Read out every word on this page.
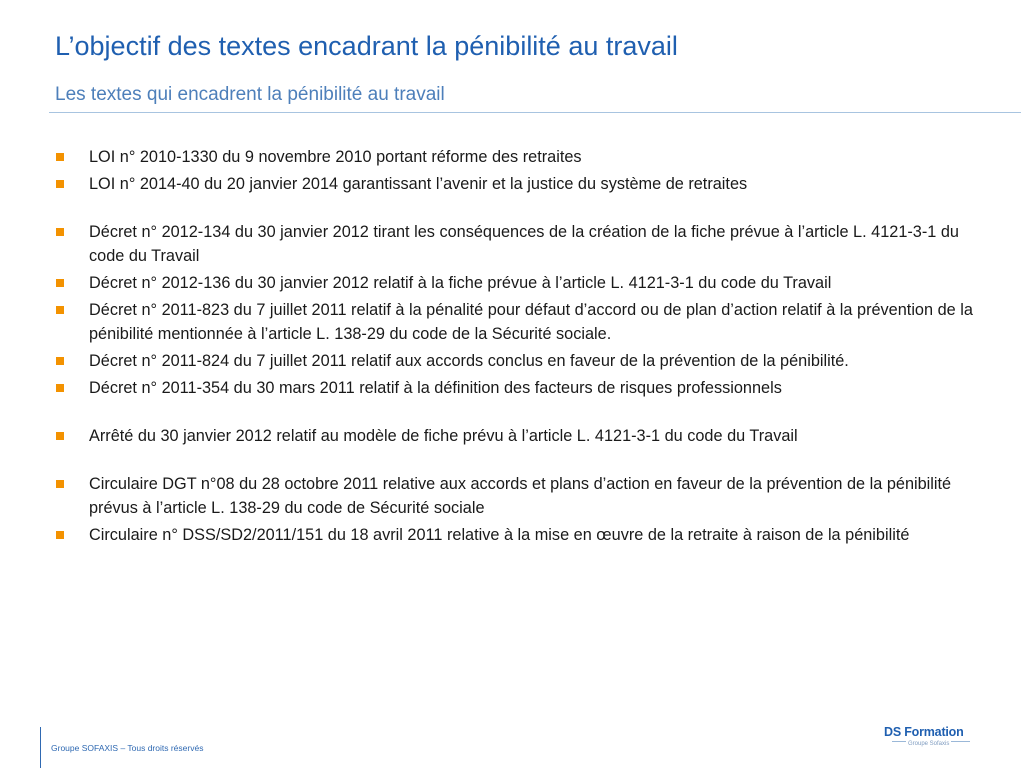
L’objectif des textes encadrant la pénibilité au travail
Les textes qui encadrent la pénibilité au travail
LOI n° 2010-1330 du 9 novembre 2010 portant réforme des retraites
LOI n° 2014-40 du 20 janvier 2014 garantissant l’avenir et la justice du système de retraites
Décret n° 2012-134 du 30 janvier 2012 tirant les conséquences de la création de la fiche prévue à l’article L. 4121-3-1 du code du Travail
Décret n° 2012-136 du 30 janvier 2012 relatif à la fiche prévue à l’article L. 4121-3-1 du code du Travail
Décret n° 2011-823 du 7 juillet 2011 relatif à la pénalité pour défaut d’accord ou de plan d’action relatif à la prévention de la pénibilité mentionnée à l’article L. 138-29 du code de la Sécurité sociale.
Décret n° 2011-824 du 7 juillet 2011 relatif aux accords conclus en faveur de la prévention de la pénibilité.
Décret n° 2011-354 du 30 mars 2011 relatif à la définition des facteurs de risques professionnels
Arrêté du 30 janvier 2012 relatif au modèle de fiche prévu à l’article L. 4121-3-1 du code du Travail
Circulaire DGT n°08 du 28 octobre 2011 relative aux accords et plans d’action en faveur de la prévention de la pénibilité prévus à l’article L. 138-29 du code de Sécurité sociale
Circulaire n° DSS/SD2/2011/151 du 18 avril 2011 relative à la mise en œuvre de la retraite à raison de la pénibilité
Groupe SOFAXIS – Tous droits réservés
DS Formation
Groupe Sofaxis
